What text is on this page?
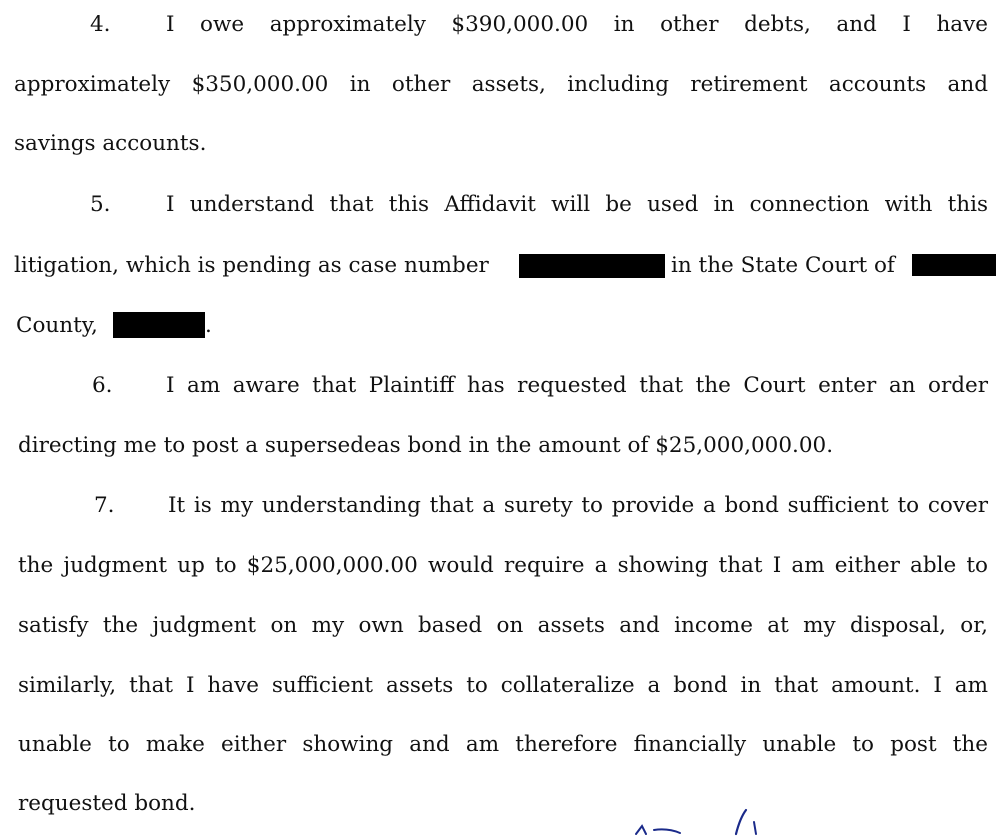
4.	I owe approximately $390,000.00 in other debts, and I have
approximately $350,000.00 in other assets, including retirement accounts and
savings accounts.
5.	I understand that this Affidavit will be used in connection with this
litigation, which is pending as case number	in the State Court of
County,	.
6. I am aware that Plaintiff has requested that the Court enter an order
directing me to post a supersedeas bond in the amount of $25,000,000.00.
7. It is my understanding that a surety to provide a bond sufficient to cover
the judgment up to $25,000,000.00 would require a showing that I am either able to
satisfy the judgment on my own based on assets and income at my disposal, or,
similarly, that I have sufficient assets to collateralize a bond in that amount. I am
unable to make either showing and am therefore financially unable to post the
requested bond.
